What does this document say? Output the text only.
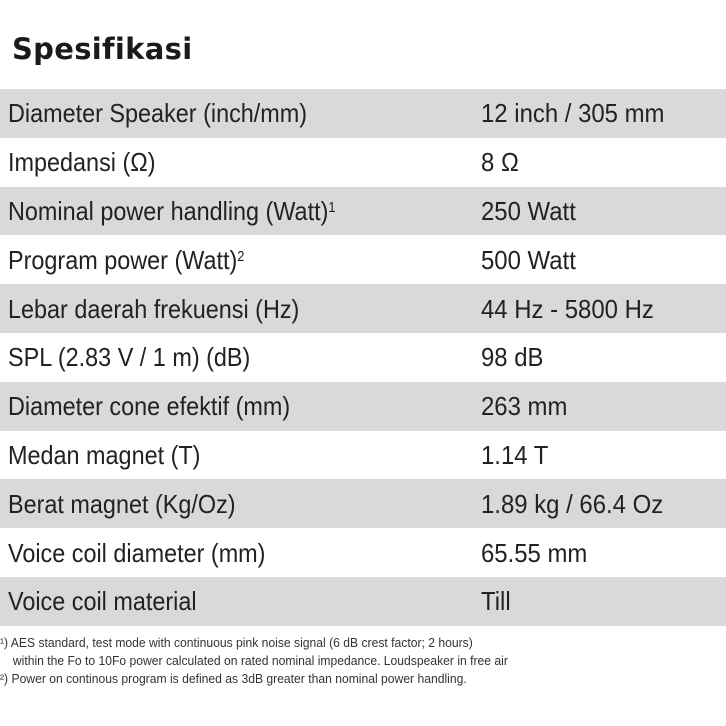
Spesifikasi
Diameter Speaker (inch/mm)	12 inch / 305 mm
Impedansi (Ω)	8 Ω
Nominal power handling (Watt)$^1$	250 Watt
Program power (Watt)$^2$	500 Watt
Lebar daerah frekuensi (Hz)	44 Hz - 5800 Hz
SPL (2.83 V / 1 m) (dB)	98 dB
Diameter cone efektif (mm)	263 mm
Medan magnet (T)	1.14 T
Berat magnet (Kg/Oz)	1.89 kg / 66.4 Oz
Voice coil diameter (mm)	65.55 mm
Voice coil material	Till
¹) AES standard, test mode with continuous pink noise signal (6 dB crest factor; 2 hours)
within the Fo to 10Fo power calculated on rated nominal impedance. Loudspeaker in free air
²) Power on continous program is defined as 3dB greater than nominal power handling.
